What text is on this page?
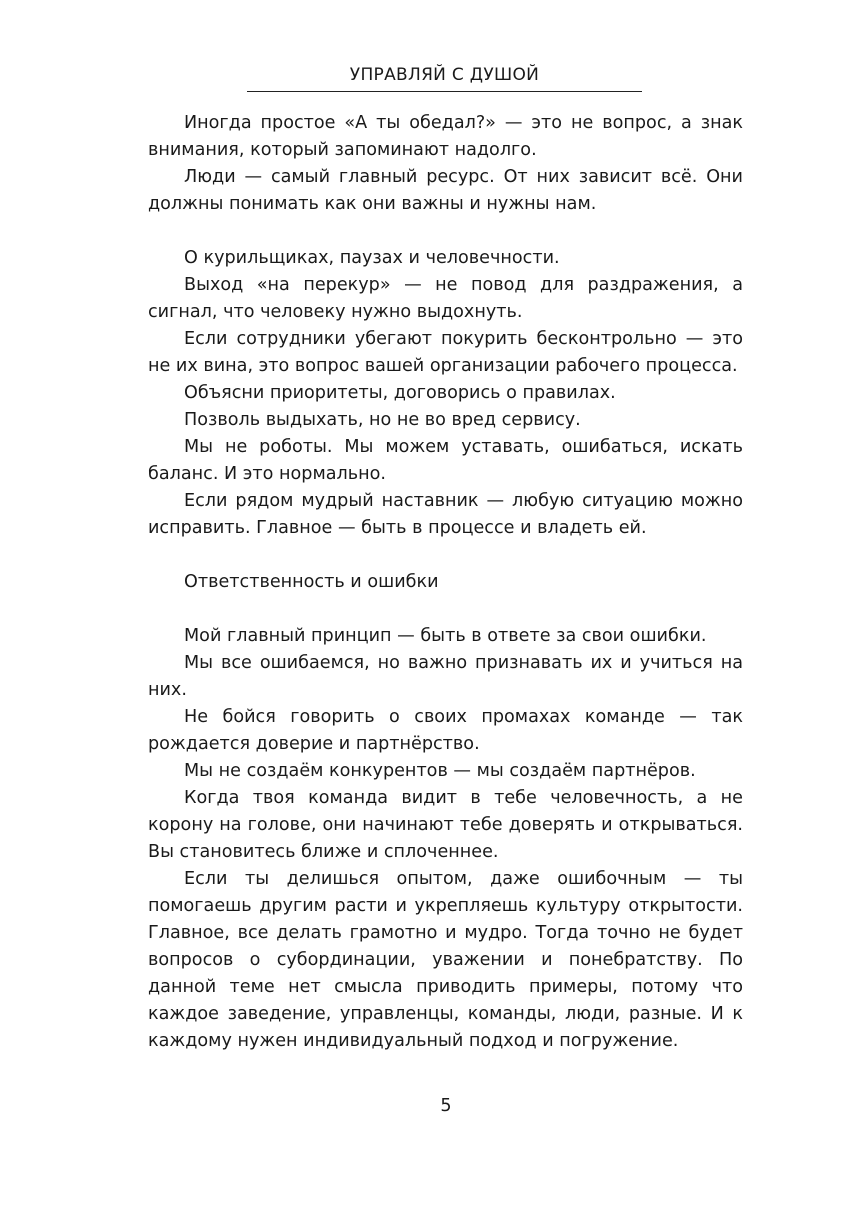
УПРАВЛЯЙ С ДУШОЙ

Иногда простое «А ты обедал?» — это не вопрос, а знак внимания, который запоминают надолго.

Люди — самый главный ресурс. От них зависит всё. Они должны понимать как они важны и нужны нам.

О курильщиках, паузах и человечности.

Выход «на перекур» — не повод для раздражения, а сигнал, что человеку нужно выдохнуть.

Если сотрудники убегают покурить бесконтрольно — это не их вина, это вопрос вашей организации рабочего процесса.

Объясни приоритеты, договорись о правилах.

Позволь выдыхать, но не во вред сервису.

Мы не роботы. Мы можем уставать, ошибаться, искать баланс. И это нормально.

Если рядом мудрый наставник — любую ситуацию можно исправить. Главное — быть в процессе и владеть ей.

Ответственность и ошибки

Мой главный принцип — быть в ответе за свои ошибки.

Мы все ошибаемся, но важно признавать их и учиться на них.

Не бойся говорить о своих промахах команде — так рождается доверие и партнёрство.

Мы не создаём конкурентов — мы создаём партнёров.

Когда твоя команда видит в тебе человечность, а не корону на голове, они начинают тебе доверять и открываться. Вы становитесь ближе и сплоченнее.

Если ты делишься опытом, даже ошибочным — ты помогаешь другим расти и укрепляешь культуру открытости. Главное, все делать грамотно и мудро. Тогда точно не будет вопросов о субординации, уважении и понебратству. По данной теме нет смысла приводить примеры, потому что каждое заведение, управленцы, команды, люди, разные. И к каждому нужен индивидуальный подход и погружение.

5
